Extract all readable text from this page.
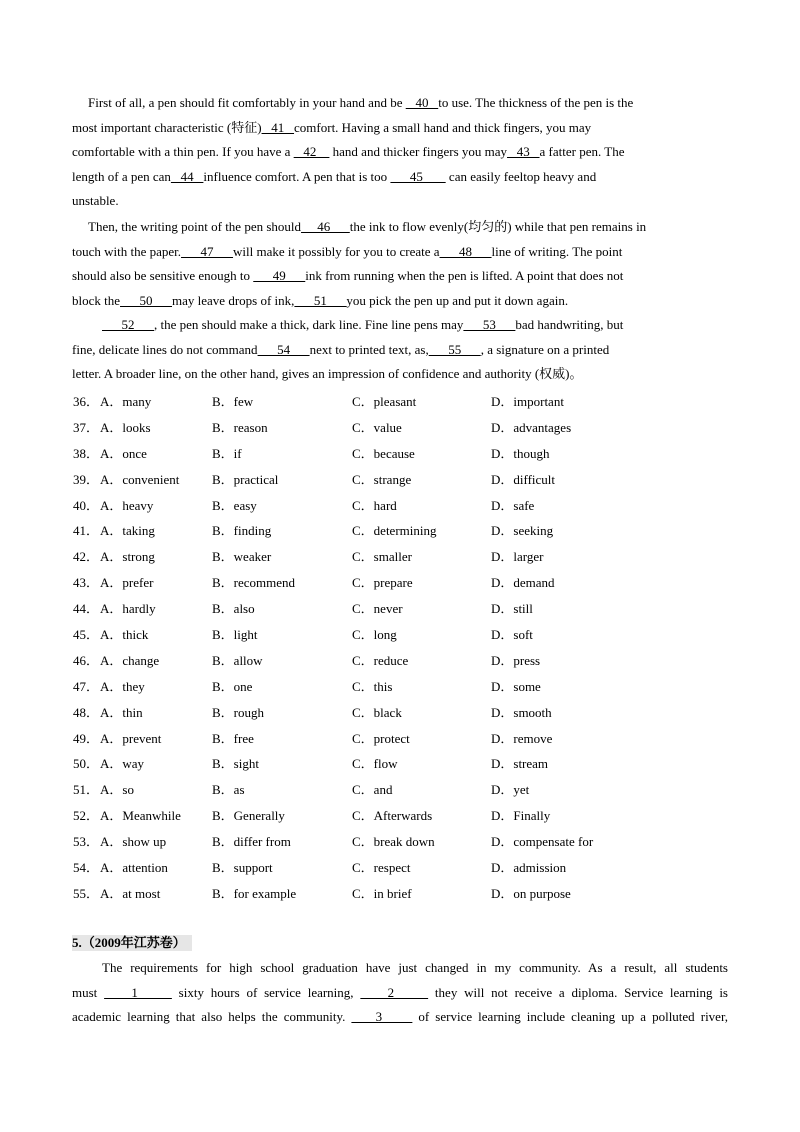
First of all, a pen should fit comfortably in your hand and be    40   to use. The thickness of the pen is the
most important characteristic (特征)   41   comfort. Having a small hand and thick fingers, you may
comfortable with a thin pen. If you have a    42     hand and thicker fingers you may   43   a fatter pen. The
length of a pen can   44   influence comfort. A pen that is too       45        can easily feeltop heavy and
unstable.
Then, the writing point of the pen should     46      the ink to flow evenly(均匀的) while that pen remains in
touch with the paper.      47      will make it possibly for you to create a      48      line of writing. The point
should also be sensitive enough to       49      ink from running when the pen is lifted. A point that does not
block the      50      may leave drops of ink,      51      you pick the pen up and put it down again.
52      , the pen should make a thick, dark line. Fine line pens may      53      bad handwriting, but
fine, delicate lines do not command      54      next to printed text, as,      55      , a signature on a printed
letter. A broader line, on the other hand, gives an impression of confidence and authority (权威)。
36． A．many	B．few	C．pleasant	D．important
37． A．looks	B．reason	C．value	D．advantages
38． A．once	B．if	C．because	D．though
39． A．convenient	B．practical	C．strange	D．difficult
40． A．heavy	B．easy	C．hard	D．safe
41． A．taking	B．finding	C．determining	D．seeking
42． A．strong	B．weaker	C．smaller	D．larger
43． A．prefer	B．recommend	C．prepare	D．demand
44． A．hardly	B．also	C．never	D．still
45． A．thick	B．light	C．long	D．soft
46． A．change	B．allow	C．reduce	D．press
47． A．they	B．one	C．this	D．some
48． A．thin	B．rough	C．black	D．smooth
49． A．prevent	B．free	C．protect	D．remove
50． A．way	B．sight	C．flow	D．stream
51． A．so	B．as	C．and	D．yet
52． A．Meanwhile B．Generally	C．Afterwards	D．Finally
53． A．show up	B．differ from	C．break down	D．compensate for
54． A．attention	B．support	C．respect	D．admission
55． A．at most	B．for example	C．in brief	D．on purpose
5.（2009年江苏卷）
The requirements for high school graduation have just changed in my community. As a result, all students
must     1      sixty hours of service learning,     2      they will not receive a diploma. Service learning is
academic learning that also helps the community.     3      of service learning include cleaning up a polluted river,
